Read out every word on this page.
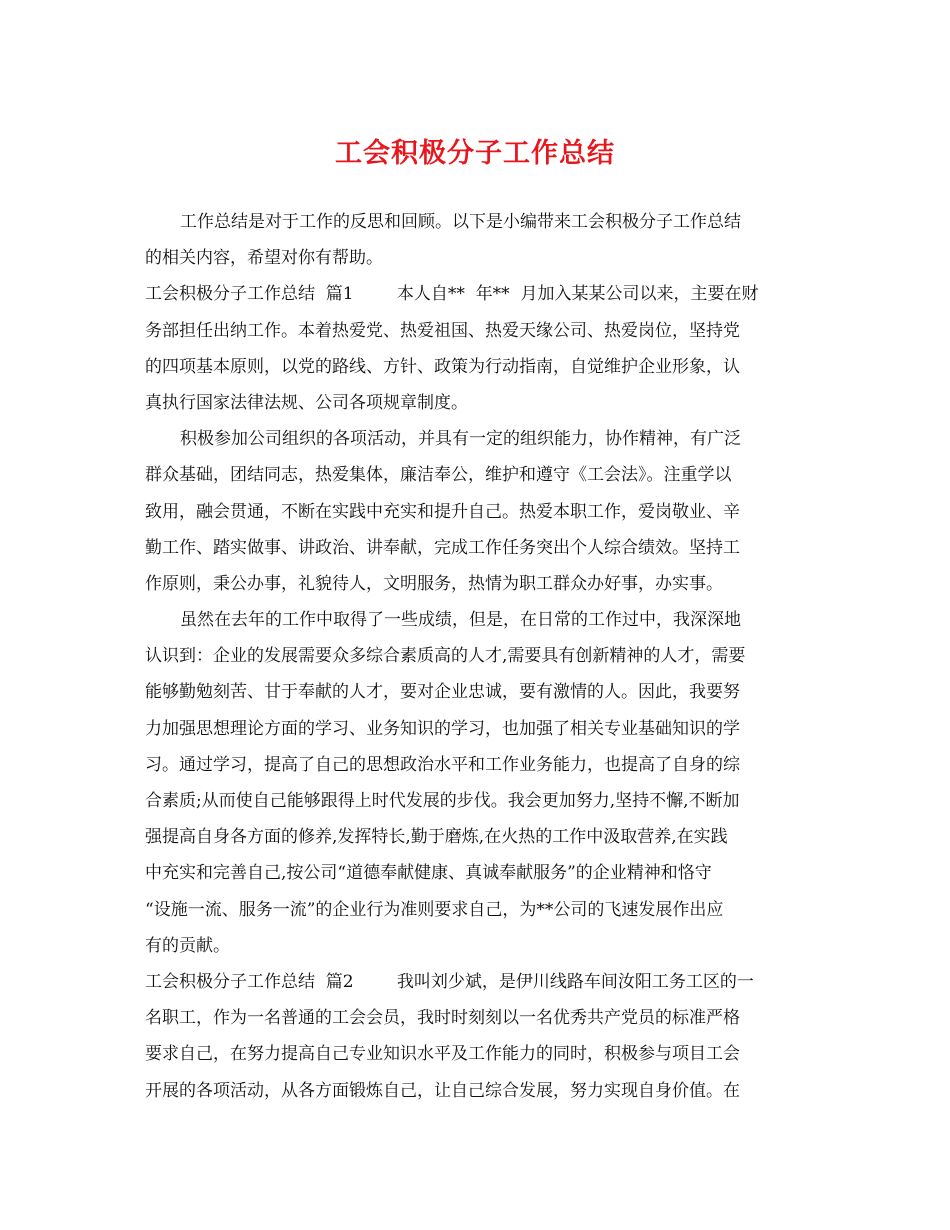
工会积极分子工作总结
工作总结是对于工作的反思和回顾。以下是小编带来工会积极分子工作总结
的相关内容，希望对你有帮助。
工会积极分子工作总结  篇1        本人自**  年**  月加入某某公司以来，主要在财
务部担任出纳工作。本着热爱党、热爱祖国、热爱天缘公司、热爱岗位，坚持党
的四项基本原则，以党的路线、方针、政策为行动指南，自觉维护企业形象，认
真执行国家法律法规、公司各项规章制度。
积极参加公司组织的各项活动，并具有一定的组织能力，协作精神，有广泛
群众基础，团结同志，热爱集体，廉洁奉公，维护和遵守《工会法》。注重学以
致用，融会贯通，不断在实践中充实和提升自己。热爱本职工作，爱岗敬业、辛
勤工作、踏实做事、讲政治、讲奉献，完成工作任务突出个人综合绩效。坚持工
作原则，秉公办事，礼貌待人，文明服务，热情为职工群众办好事，办实事。
虽然在去年的工作中取得了一些成绩，但是，在日常的工作过中，我深深地
认识到：企业的发展需要众多综合素质高的人才,需要具有创新精神的人才，需要
能够勤勉刻苦、甘于奉献的人才，要对企业忠诚，要有激情的人。因此，我要努
力加强思想理论方面的学习、业务知识的学习，也加强了相关专业基础知识的学
习。通过学习，提高了自己的思想政治水平和工作业务能力，也提高了自身的综
合素质;从而使自己能够跟得上时代发展的步伐。我会更加努力,坚持不懈,不断加
强提高自身各方面的修养,发挥特长,勤于磨炼,在火热的工作中汲取营养,在实践
中充实和完善自己,按公司“道德奉献健康、真诚奉献服务”的企业精神和恪守
“设施一流、服务一流”的企业行为准则要求自己，为**公司的飞速发展作出应
有的贡献。
工会积极分子工作总结  篇2        我叫刘少斌，是伊川线路车间汝阳工务工区的一
名职工，作为一名普通的工会会员，我时时刻刻以一名优秀共产党员的标准严格
要求自己，在努力提高自己专业知识水平及工作能力的同时，积极参与项目工会
开展的各项活动，从各方面锻炼自己，让自己综合发展，努力实现自身价值。在
